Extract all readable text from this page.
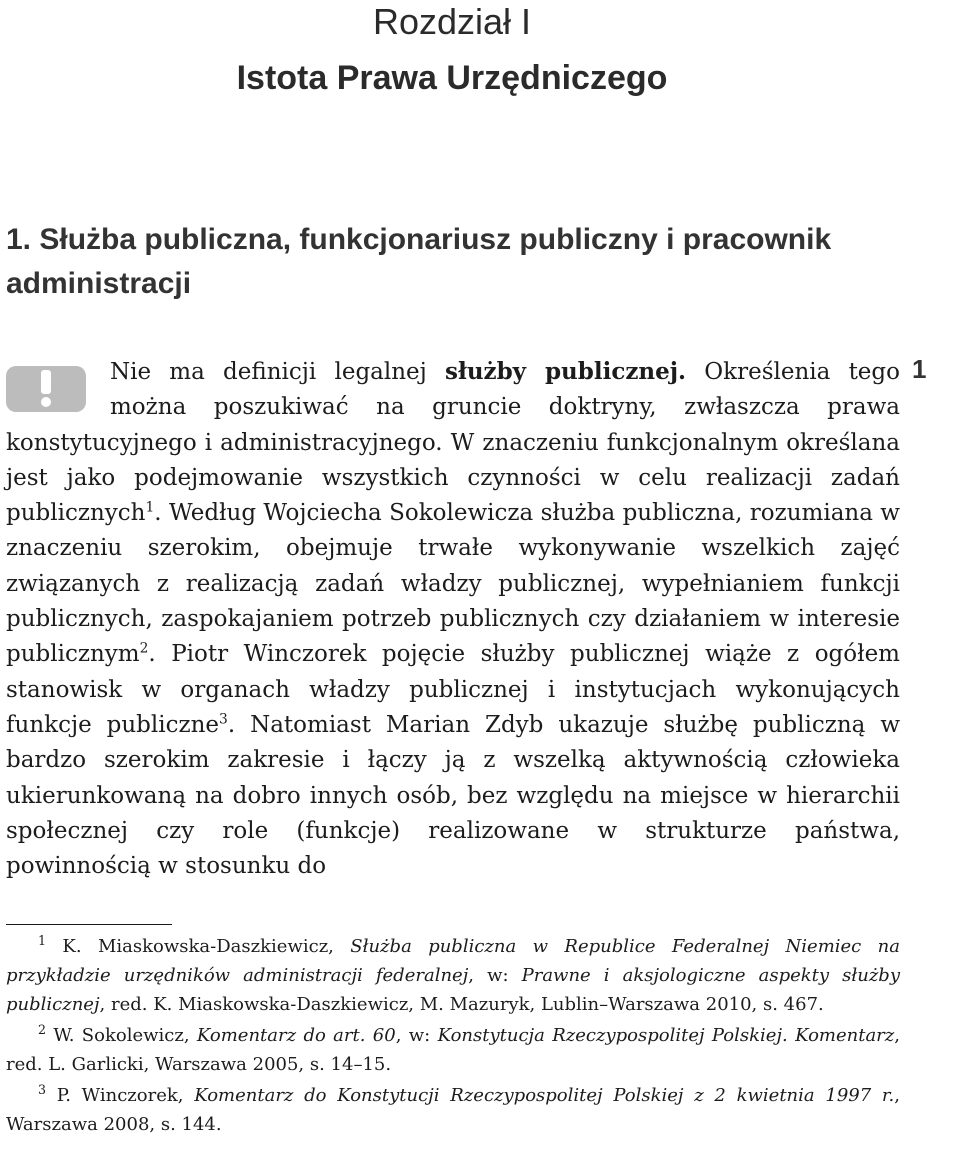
Rozdział I
Istota Prawa Urzędniczego
1. Służba publiczna, funkcjonariusz publiczny i pracownik administracji
1

Nie ma definicji legalnej służby publicznej. Określenia tego można poszukiwać na gruncie doktryny, zwłaszcza prawa konstytucyjnego i administracyjnego. W znaczeniu funkcjonalnym określana jest jako podejmowanie wszystkich czynności w celu realizacji zadań publicznych$^1$. Według Wojciecha Sokolewicza służba publiczna, rozumiana w znaczeniu szerokim, obejmuje trwałe wykonywanie wszelkich zajęć związanych z realizacją zadań władzy publicznej, wypełnianiem funkcji publicznych, zaspokajaniem potrzeb publicznych czy działaniem w interesie publicznym$^2$. Piotr Winczorek pojęcie służby publicznej wiąże z ogółem stanowisk w organach władzy publicznej i instytucjach wykonujących funkcje publiczne$^3$. Natomiast Marian Zdyb ukazuje służbę publiczną w bardzo szerokim zakresie i łączy ją z wszelką aktywnością człowieka ukierunkowaną na dobro innych osób, bez względu na miejsce w hierarchii społecznej czy role (funkcje) realizowane w strukturze państwa, powinnością w stosunku do

$^1$ K. Miaskowska-Daszkiewicz, Służba publiczna w Republice Federalnej Niemiec na przykładzie urzędników administracji federalnej, w: Prawne i aksjologiczne aspekty służby publicznej, red. K. Miaskowska-Daszkiewicz, M. Mazuryk, Lublin–Warszawa 2010, s. 467.

$^2$ W. Sokolewicz, Komentarz do art. 60, w: Konstytucja Rzeczypospolitej Polskiej. Komentarz, red. L. Garlicki, Warszawa 2005, s. 14–15.

$^3$ P. Winczorek, Komentarz do Konstytucji Rzeczypospolitej Polskiej z 2 kwietnia 1997 r., Warszawa 2008, s. 144.
